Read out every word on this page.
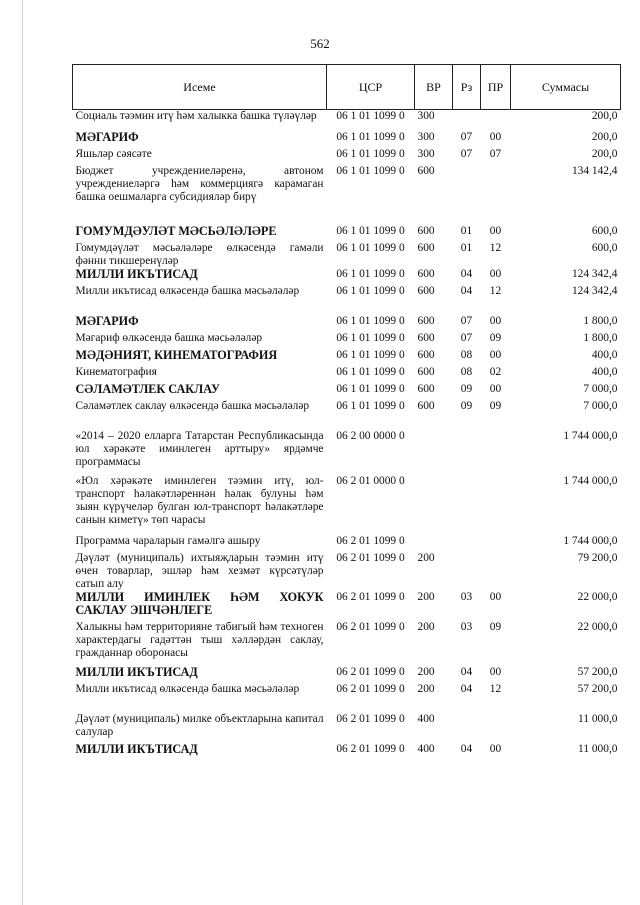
562
Исеме	ЦСР	ВР	Рз	ПР	Суммасы
Социаль тәэмин итү һәм халыкка башка түләүләр	06 1 01 1099 0	300			200,0
МӘГАРИФ	06 1 01 1099 0	300	07	00	200,0
Яшьләр сәясәте	06 1 01 1099 0	300	07	07	200,0
Бюджет учреждениеләренә, автоном учреждениеләргә һәм коммерциягә карамаган башка оешмаларга субсидияләр бирү	06 1 01 1099 0	600			134 142,4
ГОМУМДӘУЛӘТ МӘСЬӘЛӘЛӘРЕ	06 1 01 1099 0	600	01	00	600,0
Гомумдәүләт мәсьәләләре өлкәсендә гамәли фәнни тикшеренүләр	06 1 01 1099 0	600	01	12	600,0
МИЛЛИ ИКЪТИСАД	06 1 01 1099 0	600	04	00	124 342,4
Милли икътисад өлкәсендә башка мәсьәләләр	06 1 01 1099 0	600	04	12	124 342,4
МӘГАРИФ	06 1 01 1099 0	600	07	00	1 800,0
Мәгариф өлкәсендә башка мәсьәләләр	06 1 01 1099 0	600	07	09	1 800,0
МӘДӘНИЯТ, КИНЕМАТОГРАФИЯ	06 1 01 1099 0	600	08	00	400,0
Кинематография	06 1 01 1099 0	600	08	02	400,0
СӘЛАМӘТЛЕК САКЛАУ	06 1 01 1099 0	600	09	00	7 000,0
Сәламәтлек саклау өлкәсендә башка мәсьәләләр	06 1 01 1099 0	600	09	09	7 000,0
«2014 – 2020 елларга Татарстан Республикасында юл хәрәкәте иминлеген арттыру» ярдәмче программасы	06 2 00 0000 0				1 744 000,0
«Юл хәрәкәте иминлеген тәэмин итү, юл-транспорт һәлакәтләреннән һәлак булуны һәм зыян күрүчеләр булган юл-транспорт һәлакәтләре санын киметү» төп чарасы	06 2 01 0000 0				1 744 000,0
Программа чараларын гамәлгә ашыру	06 2 01 1099 0				1 744 000,0
Дәүләт (муниципаль) ихтыяҗларын тәэмин итү өчен товарлар, эшләр һәм хезмәт күрсәтүләр сатып алу	06 2 01 1099 0	200			79 200,0
МИЛЛИ ИМИНЛЕК ҺӘМ ХОКУК САКЛАУ ЭШЧӘНЛЕГЕ	06 2 01 1099 0	200	03	00	22 000,0
Халыкны һәм территорияне табигый һәм техноген характердагы гадәттән тыш хәлләрдән саклау, гражданнар оборонасы	06 2 01 1099 0	200	03	09	22 000,0
МИЛЛИ ИКЪТИСАД	06 2 01 1099 0	200	04	00	57 200,0
Милли икътисад өлкәсендә башка мәсьәләләр	06 2 01 1099 0	200	04	12	57 200,0
Дәүләт (муниципаль) милке объектларына капитал салулар	06 2 01 1099 0	400			11 000,0
МИЛЛИ ИКЪТИСАД	06 2 01 1099 0	400	04	00	11 000,0
